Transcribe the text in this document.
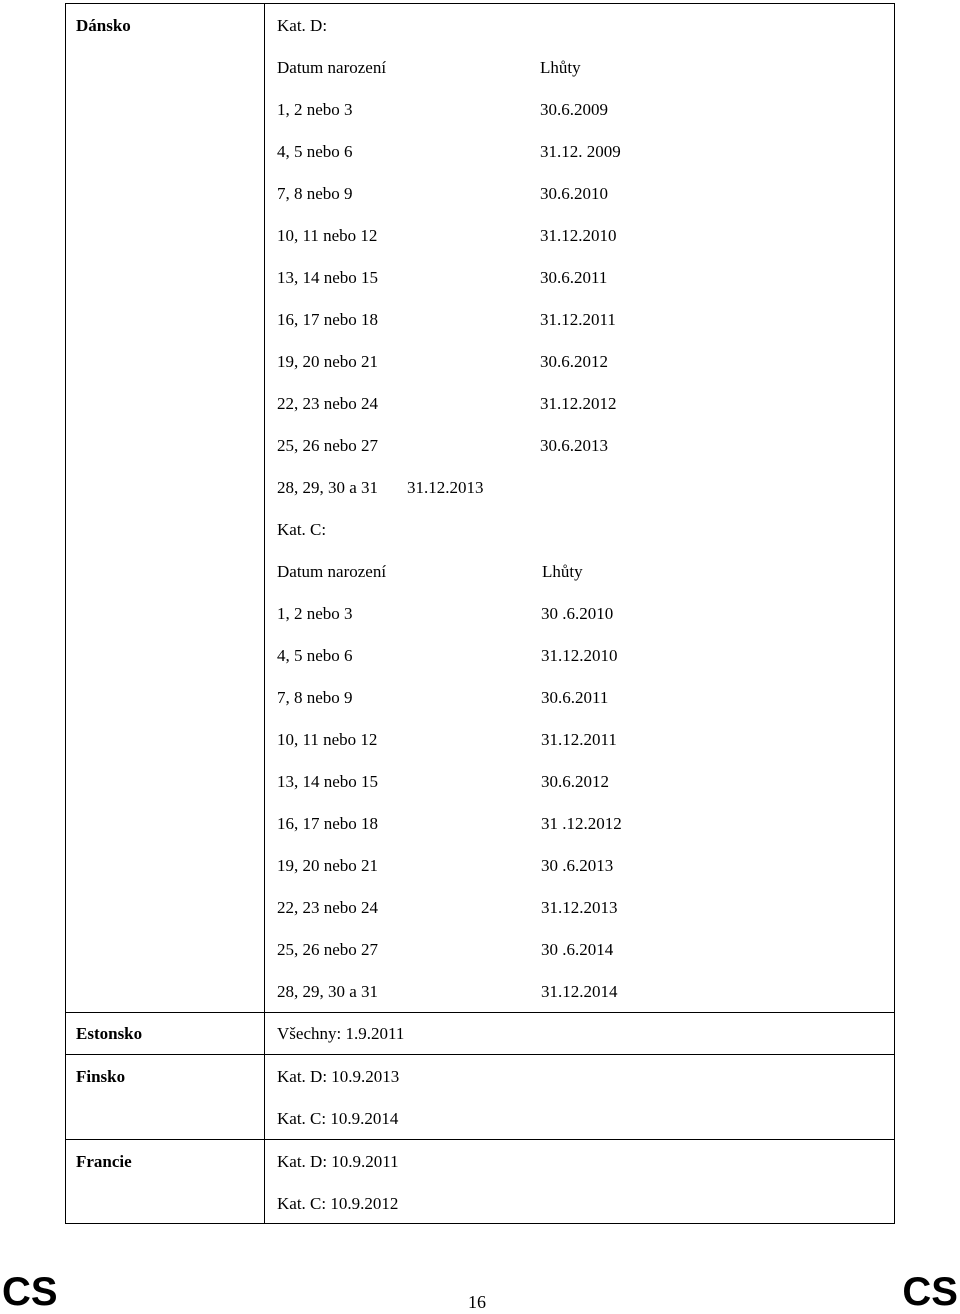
Dánsko	Kat. D:
Datum narození	Lhůty
1, 2 nebo 3	30.6.2009
4, 5 nebo 6	31.12. 2009
7, 8 nebo 9	30.6.2010
10, 11 nebo 12	31.12.2010
13, 14 nebo 15	30.6.2011
16, 17 nebo 18	31.12.2011
19, 20 nebo 21	30.6.2012
22, 23 nebo 24	31.12.2012
25, 26 nebo 27	30.6.2013
28, 29, 30 a 31 31.12.2013
Kat. C:
Datum narození	Lhůty
1, 2 nebo 3	30 .6.2010
4, 5 nebo 6	31.12.2010
7, 8 nebo 9	30.6.2011
10, 11 nebo 12	31.12.2011
13, 14 nebo 15	30.6.2012
16, 17 nebo 18	31 .12.2012
19, 20 nebo 21	30 .6.2013
22, 23 nebo 24	31.12.2013
25, 26 nebo 27	30 .6.2014
28, 29, 30 a 31	31.12.2014
Estonsko	Všechny: 1.9.2011
Finsko	Kat. D: 10.9.2013
Kat. C: 10.9.2014
Francie	Kat. D: 10.9.2011
Kat. C: 10.9.2012
CS	16	CS
